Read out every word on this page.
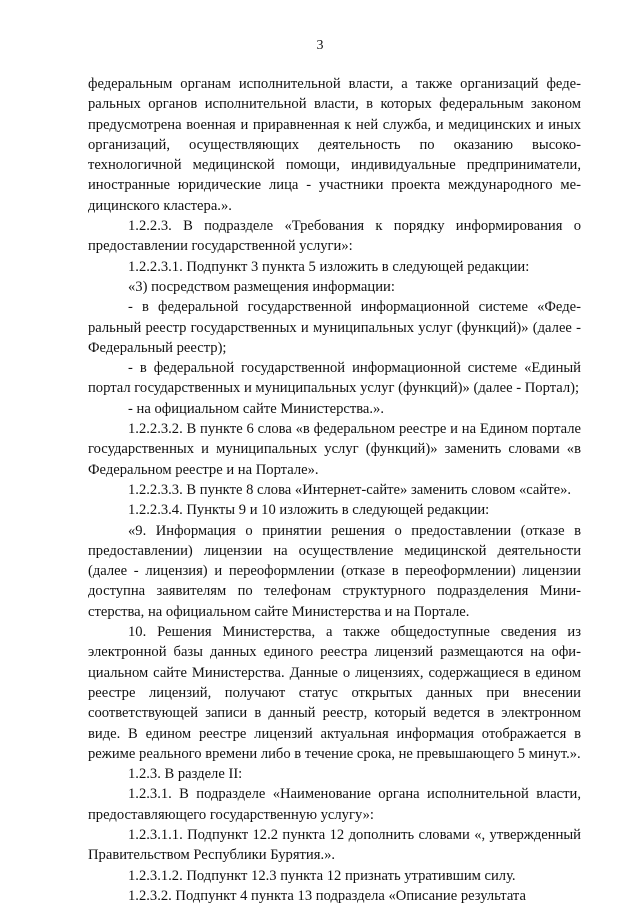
3

федеральным органам исполнительной власти, а также организаций федеральных органов исполнительной власти, в которых федеральным законом предусмотрена военная и приравненная к ней служба, и медицинских и иных организаций, осуществляющих деятельность по оказанию высокотехнологичной медицинской помощи, индивидуальные предприниматели, иностранные юридические лица - участники проекта международного медицинского кластера.».

1.2.2.3. В подразделе «Требования к порядку информирования о предоставлении государственной услуги»:

1.2.2.3.1. Подпункт 3 пункта 5 изложить в следующей редакции:

«3) посредством размещения информации:

- в федеральной государственной информационной системе «Федеральный реестр государственных и муниципальных услуг (функций)» (далее - Федеральный реестр);

- в федеральной государственной информационной системе «Единый портал государственных и муниципальных услуг (функций)» (далее - Портал);

- на официальном сайте Министерства.».

1.2.2.3.2. В пункте 6 слова «в федеральном реестре и на Едином портале государственных и муниципальных услуг (функций)» заменить словами «в Федеральном реестре и на Портале».

1.2.2.3.3. В пункте 8 слова «Интернет-сайте» заменить словом «сайте».

1.2.2.3.4. Пункты 9 и 10 изложить в следующей редакции:

«9. Информация о принятии решения о предоставлении (отказе в предоставлении) лицензии на осуществление медицинской деятельности (далее - лицензия) и переоформлении (отказе в переоформлении) лицензии доступна заявителям по телефонам структурного подразделения Министерства, на официальном сайте Министерства и на Портале.

10. Решения Министерства, а также общедоступные сведения из электронной базы данных единого реестра лицензий размещаются на официальном сайте Министерства. Данные о лицензиях, содержащиеся в едином реестре лицензий, получают статус открытых данных при внесении соответствующей записи в данный реестр, который ведется в электронном виде. В едином реестре лицензий актуальная информация отображается в режиме реального времени либо в течение срока, не превышающего 5 минут.».

1.2.3. В разделе II:

1.2.3.1. В подразделе «Наименование органа исполнительной власти, предоставляющего государственную услугу»:

1.2.3.1.1. Подпункт 12.2 пункта 12 дополнить словами «, утвержденный Правительством Республики Бурятия.».

1.2.3.1.2. Подпункт 12.3 пункта 12 признать утратившим силу.

1.2.3.2. Подпункт 4 пункта 13 подраздела «Описание результата
